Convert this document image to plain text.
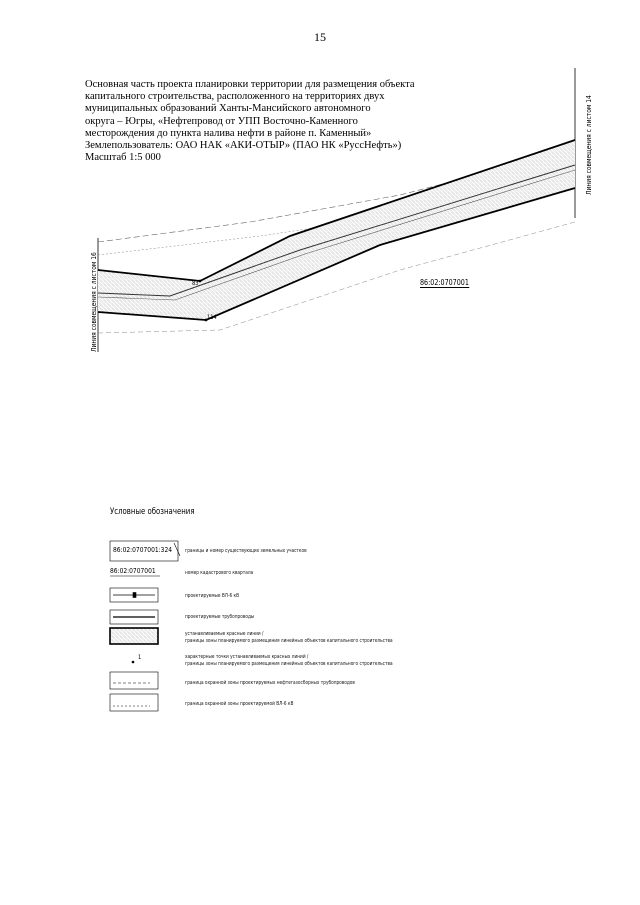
15
Основная часть проекта планировки территории для размещения объекта
капитального строительства, расположенного на территориях двух
муниципальных образований Ханты-Мансийского автономного
округа – Югры, «Нефтепровод от УПП Восточно-Каменного
месторождения до пункта налива нефти в районе п. Каменный»
Землепользователь: ОАО НАК «АКИ-ОТЫР» (ПАО НК «РуссНефть»)
Масштаб 1:5 000	Линия совмещения с листом 14
Линия совмещения с листом 16	86:02:0707001
83
114
Условные обозначения
86:02:0707001:324	границы и номер существующих земельных участков
86:02:0707001	номер кадастрового квартала
проектируемые ВЛ-6 кВ
проектируемые трубопроводы
устанавливаемые красные линии /
границы зоны планируемого размещения линейных объектов капитального строительства
1	характерные точки устанавливаемых красных линий /
границы зоны планируемого размещения линейных объектов капитального строительства
граница охранной зоны проектируемых нефтегазосборных трубопроводов
граница охранной зоны проектируемой ВЛ-6 кВ
